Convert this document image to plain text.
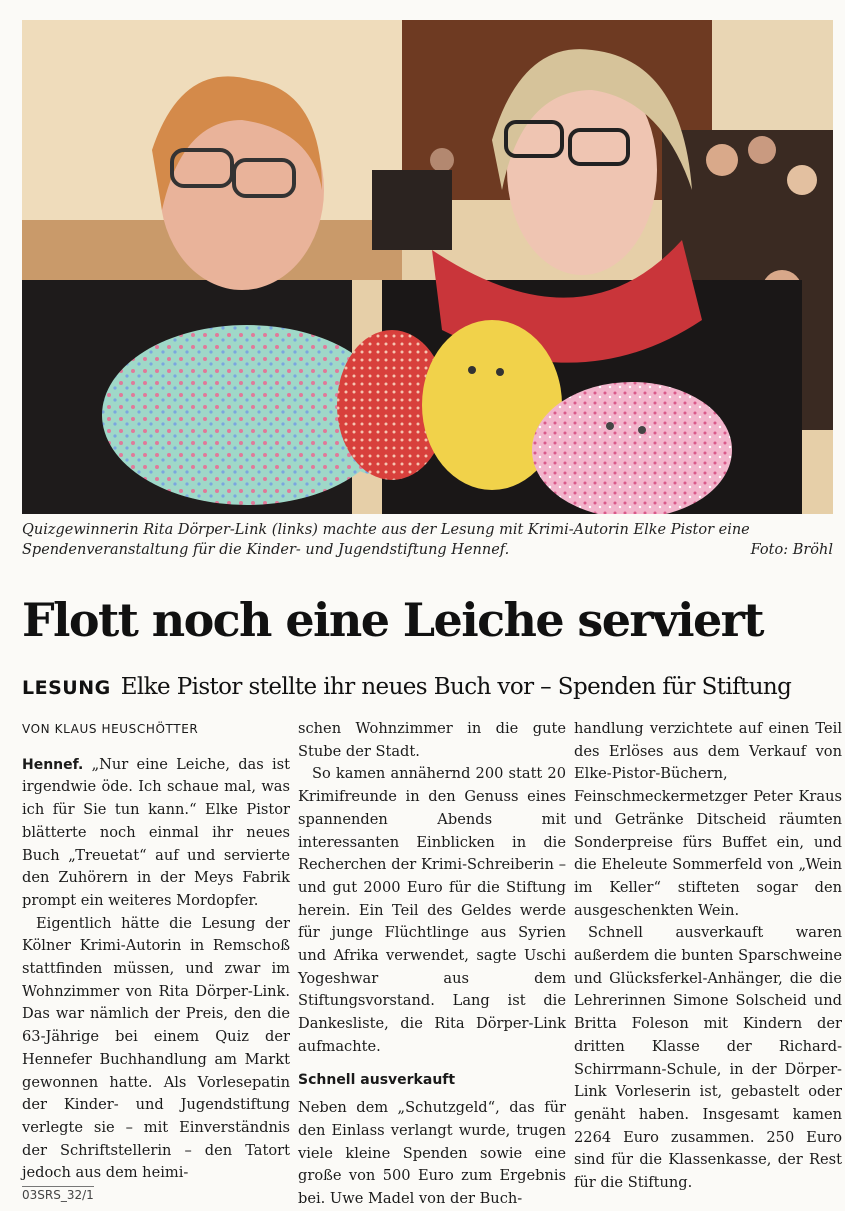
Quizgewinnerin Rita Dörper-Link (links) machte aus der Lesung mit Krimi-Autorin Elke Pistor eine Spendenveranstaltung für die Kinder- und Jugendstiftung Hennef.	Foto: Bröhl
Flott noch eine Leiche serviert
LESUNG Elke Pistor stellte ihr neues Buch vor – Spenden für Stiftung
VON KLAUS HEUSCHÖTTER

Hennef. „Nur eine Leiche, das ist irgendwie öde. Ich schaue mal, was ich für Sie tun kann.“ Elke Pistor blätterte noch einmal ihr neues Buch „Treuetat“ auf und servierte den Zuhörern in der Meys Fabrik prompt ein weiteres Mordopfer.

Eigentlich hätte die Lesung der Kölner Krimi-Autorin in Remschoß stattfinden müssen, und zwar im Wohnzimmer von Rita Dörper-Link. Das war nämlich der Preis, den die 63-Jährige bei einem Quiz der Hennefer Buchhandlung am Markt gewonnen hatte. Als Vorlesepatin der Kinder- und Jugendstiftung verlegte sie – mit Einverständnis der Schriftstellerin – den Tatort jedoch aus dem heimi-

schen Wohnzimmer in die gute Stube der Stadt.

So kamen annähernd 200 statt 20 Krimifreunde in den Genuss eines spannenden Abends mit interessanten Einblicken in die Recherchen der Krimi-Schreiberin – und gut 2000 Euro für die Stiftung herein. Ein Teil des Geldes werde für junge Flüchtlinge aus Syrien und Afrika verwendet, sagte Uschi Yogeshwar aus dem Stiftungsvorstand. Lang ist die Dankesliste, die Rita Dörper-Link aufmachte.

Schnell ausverkauft

Neben dem „Schutzgeld“, das für den Einlass verlangt wurde, trugen viele kleine Spenden sowie eine große von 500 Euro zum Ergebnis bei. Uwe Madel von der Buch-

handlung verzichtete auf einen Teil des Erlöses aus dem Verkauf von Elke-Pistor-Büchern, Feinschmeckermetzger Peter Kraus und Getränke Ditscheid räumten Sonderpreise fürs Buffet ein, und die Eheleute Sommerfeld von „Wein im Keller“ stifteten sogar den ausgeschenkten Wein.

Schnell ausverkauft waren außerdem die bunten Sparschweine und Glücksferkel-Anhänger, die die Lehrerinnen Simone Solscheid und Britta Foleson mit Kindern der dritten Klasse der Richard-Schirrmann-Schule, in der Dörper-Link Vorleserin ist, gebastelt oder genäht haben. Insgesamt kamen 2264 Euro zusammen. 250 Euro sind für die Klassenkasse, der Rest für die Stiftung.

03SRS_32/1
